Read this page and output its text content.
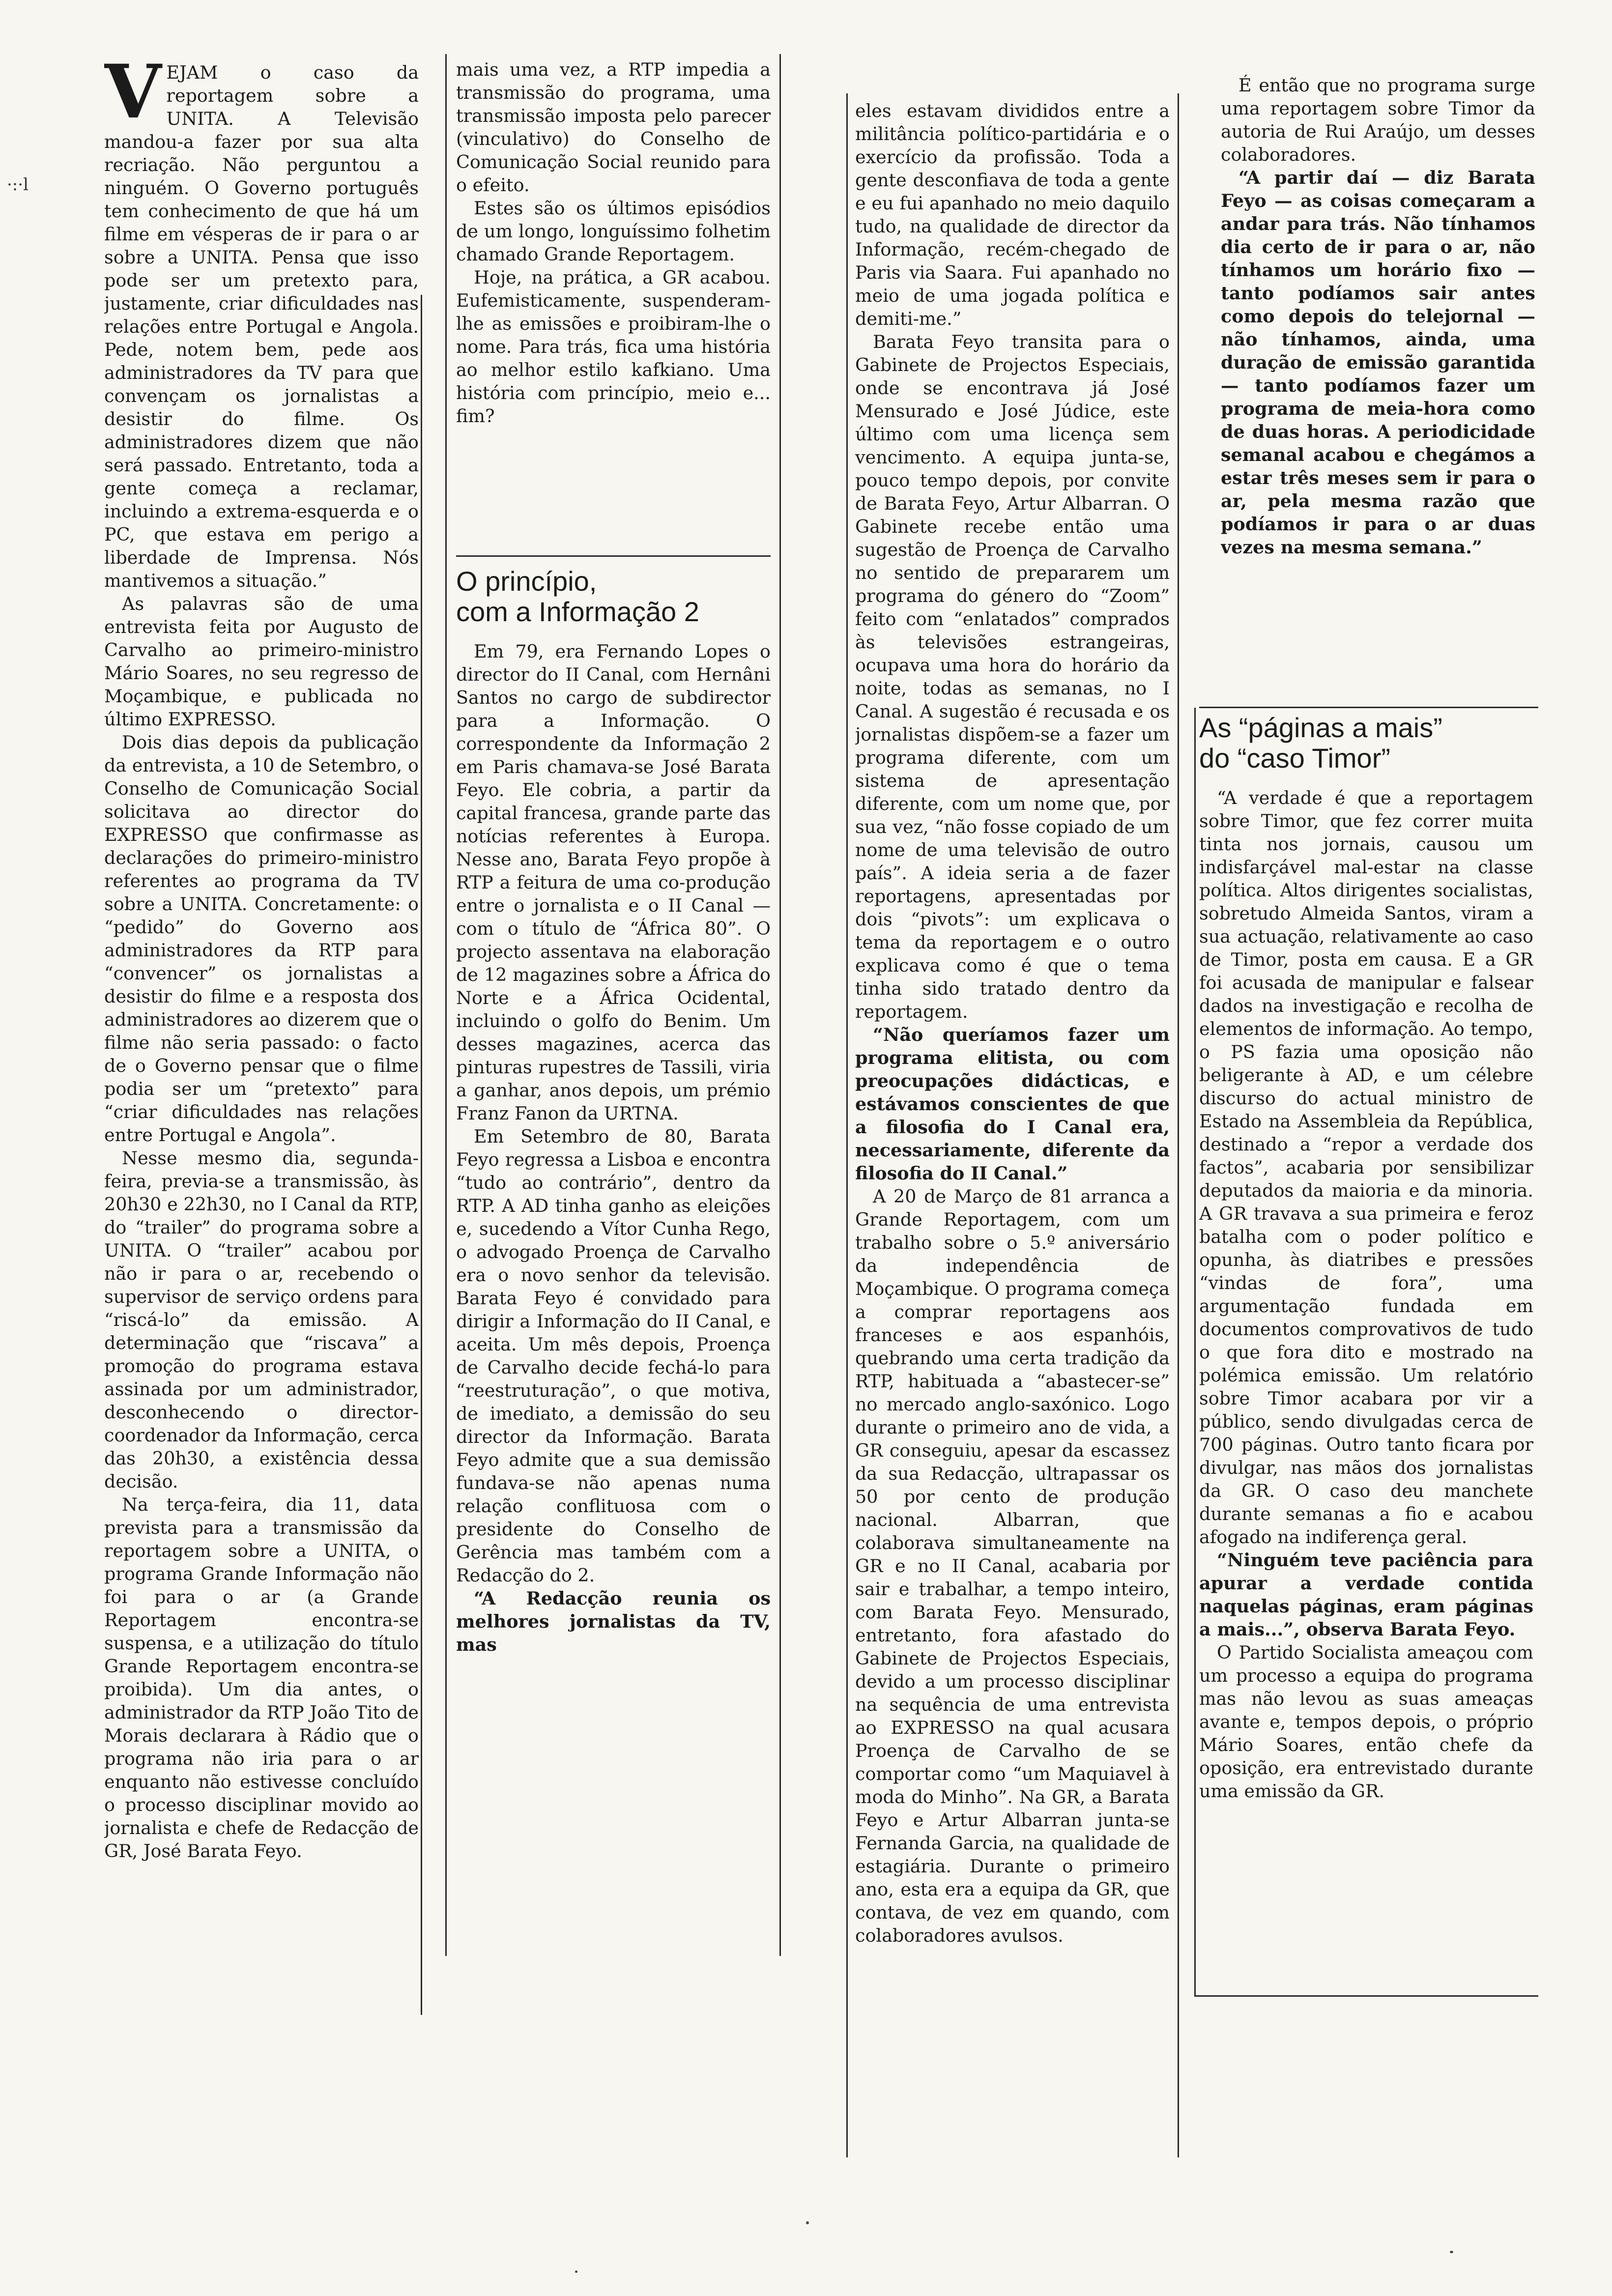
·:·l
V EJAM o caso da reportagem sobre a UNITA. A Televisão mandou-a fazer por sua alta recriação. Não perguntou a ninguém. O Governo português tem conhecimento de que há um filme em vésperas de ir para o ar sobre a UNITA. Pensa que isso pode ser um pretexto para, justamente, criar dificuldades nas relações entre Portugal e Angola. Pede, notem bem, pede aos administradores da TV para que convençam os jornalistas a desistir do filme. Os administradores dizem que não será passado. Entretanto, toda a gente começa a reclamar, incluindo a extrema-esquerda e o PC, que estava em perigo a liberdade de Imprensa. Nós mantivemos a situação.”

As palavras são de uma entrevista feita por Augusto de Carvalho ao primeiro-ministro Mário Soares, no seu regresso de Moçambique, e publicada no último EXPRESSO.

Dois dias depois da publicação da entrevista, a 10 de Setembro, o Conselho de Comunicação Social solicitava ao director do EXPRESSO que confirmasse as declarações do primeiro-ministro referentes ao programa da TV sobre a UNITA. Concretamente: o “pedido” do Governo aos administradores da RTP para “convencer” os jornalistas a desistir do filme e a resposta dos administradores ao dizerem que o filme não seria passado: o facto de o Governo pensar que o filme podia ser um “pretexto” para “criar dificuldades nas relações entre Portugal e Angola”.

Nesse mesmo dia, segunda-feira, previa-se a transmissão, às 20h30 e 22h30, no I Canal da RTP, do “trailer” do programa sobre a UNITA. O “trailer” acabou por não ir para o ar, recebendo o supervisor de serviço ordens para “riscá-lo” da emissão. A determinação que “riscava” a promoção do programa estava assinada por um administrador, desconhecendo o director-coordenador da Informação, cerca das 20h30, a existência dessa decisão.

Na terça-feira, dia 11, data prevista para a transmissão da reportagem sobre a UNITA, o programa Grande Informação não foi para o ar (a Grande Reportagem encontra-se suspensa, e a utilização do título Grande Reportagem encontra-se proibida). Um dia antes, o administrador da RTP João Tito de Morais declarara à Rádio que o programa não iria para o ar enquanto não estivesse concluído o processo disciplinar movido ao jornalista e chefe de Redacção de GR, José Barata Feyo.

mais uma vez, a RTP impedia a transmissão do programa, uma transmissão imposta pelo parecer (vinculativo) do Conselho de Comunicação Social reunido para o efeito.

Estes são os últimos episódios de um longo, longuíssimo folhetim chamado Grande Reportagem.

Hoje, na prática, a GR acabou. Eufemisticamente, suspenderam-lhe as emissões e proibiram-lhe o nome. Para trás, fica uma história ao melhor estilo kafkiano. Uma história com princípio, meio e... fim?

O princípio,
com a Informação 2

Em 79, era Fernando Lopes o director do II Canal, com Hernâni Santos no cargo de subdirector para a Informação. O correspondente da Informação 2 em Paris chamava-se José Barata Feyo. Ele cobria, a partir da capital francesa, grande parte das notícias referentes à Europa. Nesse ano, Barata Feyo propõe à RTP a feitura de uma co-produção entre o jornalista e o II Canal — com o título de “África 80”. O projecto assentava na elaboração de 12 magazines sobre a África do Norte e a África Ocidental, incluindo o golfo do Benim. Um desses magazines, acerca das pinturas rupestres de Tassili, viria a ganhar, anos depois, um prémio Franz Fanon da URTNA.

Em Setembro de 80, Barata Feyo regressa a Lisboa e encontra “tudo ao contrário”, dentro da RTP. A AD tinha ganho as eleições e, sucedendo a Vítor Cunha Rego, o advogado Proença de Carvalho era o novo senhor da televisão. Barata Feyo é convidado para dirigir a Informação do II Canal, e aceita. Um mês depois, Proença de Carvalho decide fechá-lo para “reestruturação”, o que motiva, de imediato, a demissão do seu director da Informação. Barata Feyo admite que a sua demissão fundava-se não apenas numa relação conflituosa com o presidente do Conselho de Gerência mas também com a Redacção do 2.

“A Redacção reunia os melhores jornalistas da TV, mas

eles estavam divididos entre a militância político-partidária e o exercício da profissão. Toda a gente desconfiava de toda a gente e eu fui apanhado no meio daquilo tudo, na qualidade de director da Informação, recém-chegado de Paris via Saara. Fui apanhado no meio de uma jogada política e demiti-me.”

Barata Feyo transita para o Gabinete de Projectos Especiais, onde se encontrava já José Mensurado e José Júdice, este último com uma licença sem vencimento. A equipa junta-se, pouco tempo depois, por convite de Barata Feyo, Artur Albarran. O Gabinete recebe então uma sugestão de Proença de Carvalho no sentido de prepararem um programa do género do “Zoom” feito com “enlatados” comprados às televisões estrangeiras, ocupava uma hora do horário da noite, todas as semanas, no I Canal. A sugestão é recusada e os jornalistas dispõem-se a fazer um programa diferente, com um sistema de apresentação diferente, com um nome que, por sua vez, “não fosse copiado de um nome de uma televisão de outro país”. A ideia seria a de fazer reportagens, apresentadas por dois “pivots”: um explicava o tema da reportagem e o outro explicava como é que o tema tinha sido tratado dentro da reportagem.

“Não queríamos fazer um programa elitista, ou com preocupações didácticas, e estávamos conscientes de que a filosofia do I Canal era, necessariamente, diferente da filosofia do II Canal.”

A 20 de Março de 81 arranca a Grande Reportagem, com um trabalho sobre o 5.º aniversário da independência de Moçambique. O programa começa a comprar reportagens aos franceses e aos espanhóis, quebrando uma certa tradição da RTP, habituada a “abastecer-se” no mercado anglo-saxónico. Logo durante o primeiro ano de vida, a GR conseguiu, apesar da escassez da sua Redacção, ultrapassar os 50 por cento de produção nacional. Albarran, que colaborava simultaneamente na GR e no II Canal, acabaria por sair e trabalhar, a tempo inteiro, com Barata Feyo. Mensurado, entretanto, fora afastado do Gabinete de Projectos Especiais, devido a um processo disciplinar na sequência de uma entrevista ao EXPRESSO na qual acusara Proença de Carvalho de se comportar como “um Maquiavel à moda do Minho”. Na GR, a Barata Feyo e Artur Albarran junta-se Fernanda Garcia, na qualidade de estagiária. Durante o primeiro ano, esta era a equipa da GR, que contava, de vez em quando, com colaboradores avulsos.

É então que no programa surge uma reportagem sobre Timor da autoria de Rui Araújo, um desses colaboradores.

“A partir daí — diz Barata Feyo — as coisas começaram a andar para trás. Não tínhamos dia certo de ir para o ar, não tínhamos um horário fixo — tanto podíamos sair antes como depois do telejornal — não tínhamos, ainda, uma duração de emissão garantida — tanto podíamos fazer um programa de meia-hora como de duas horas. A periodicidade semanal acabou e chegámos a estar três meses sem ir para o ar, pela mesma razão que podíamos ir para o ar duas vezes na mesma semana.”

As “páginas a mais”
do “caso Timor”

“A verdade é que a reportagem sobre Timor, que fez correr muita tinta nos jornais, causou um indisfarçável mal-estar na classe política. Altos dirigentes socialistas, sobretudo Almeida Santos, viram a sua actuação, relativamente ao caso de Timor, posta em causa. E a GR foi acusada de manipular e falsear dados na investigação e recolha de elementos de informação. Ao tempo, o PS fazia uma oposição não beligerante à AD, e um célebre discurso do actual ministro de Estado na Assembleia da República, destinado a “repor a verdade dos factos”, acabaria por sensibilizar deputados da maioria e da minoria. A GR travava a sua primeira e feroz batalha com o poder político e opunha, às diatribes e pressões “vindas de fora”, uma argumentação fundada em documentos comprovativos de tudo o que fora dito e mostrado na polémica emissão. Um relatório sobre Timor acabara por vir a público, sendo divulgadas cerca de 700 páginas. Outro tanto ficara por divulgar, nas mãos dos jornalistas da GR. O caso deu manchete durante semanas a fio e acabou afogado na indiferença geral.

“Ninguém teve paciência para apurar a verdade contida naquelas páginas, eram páginas a mais...”, observa Barata Feyo.

O Partido Socialista ameaçou com um processo a equipa do programa mas não levou as suas ameaças avante e, tempos depois, o próprio Mário Soares, então chefe da oposição, era entrevistado durante uma emissão da GR.
